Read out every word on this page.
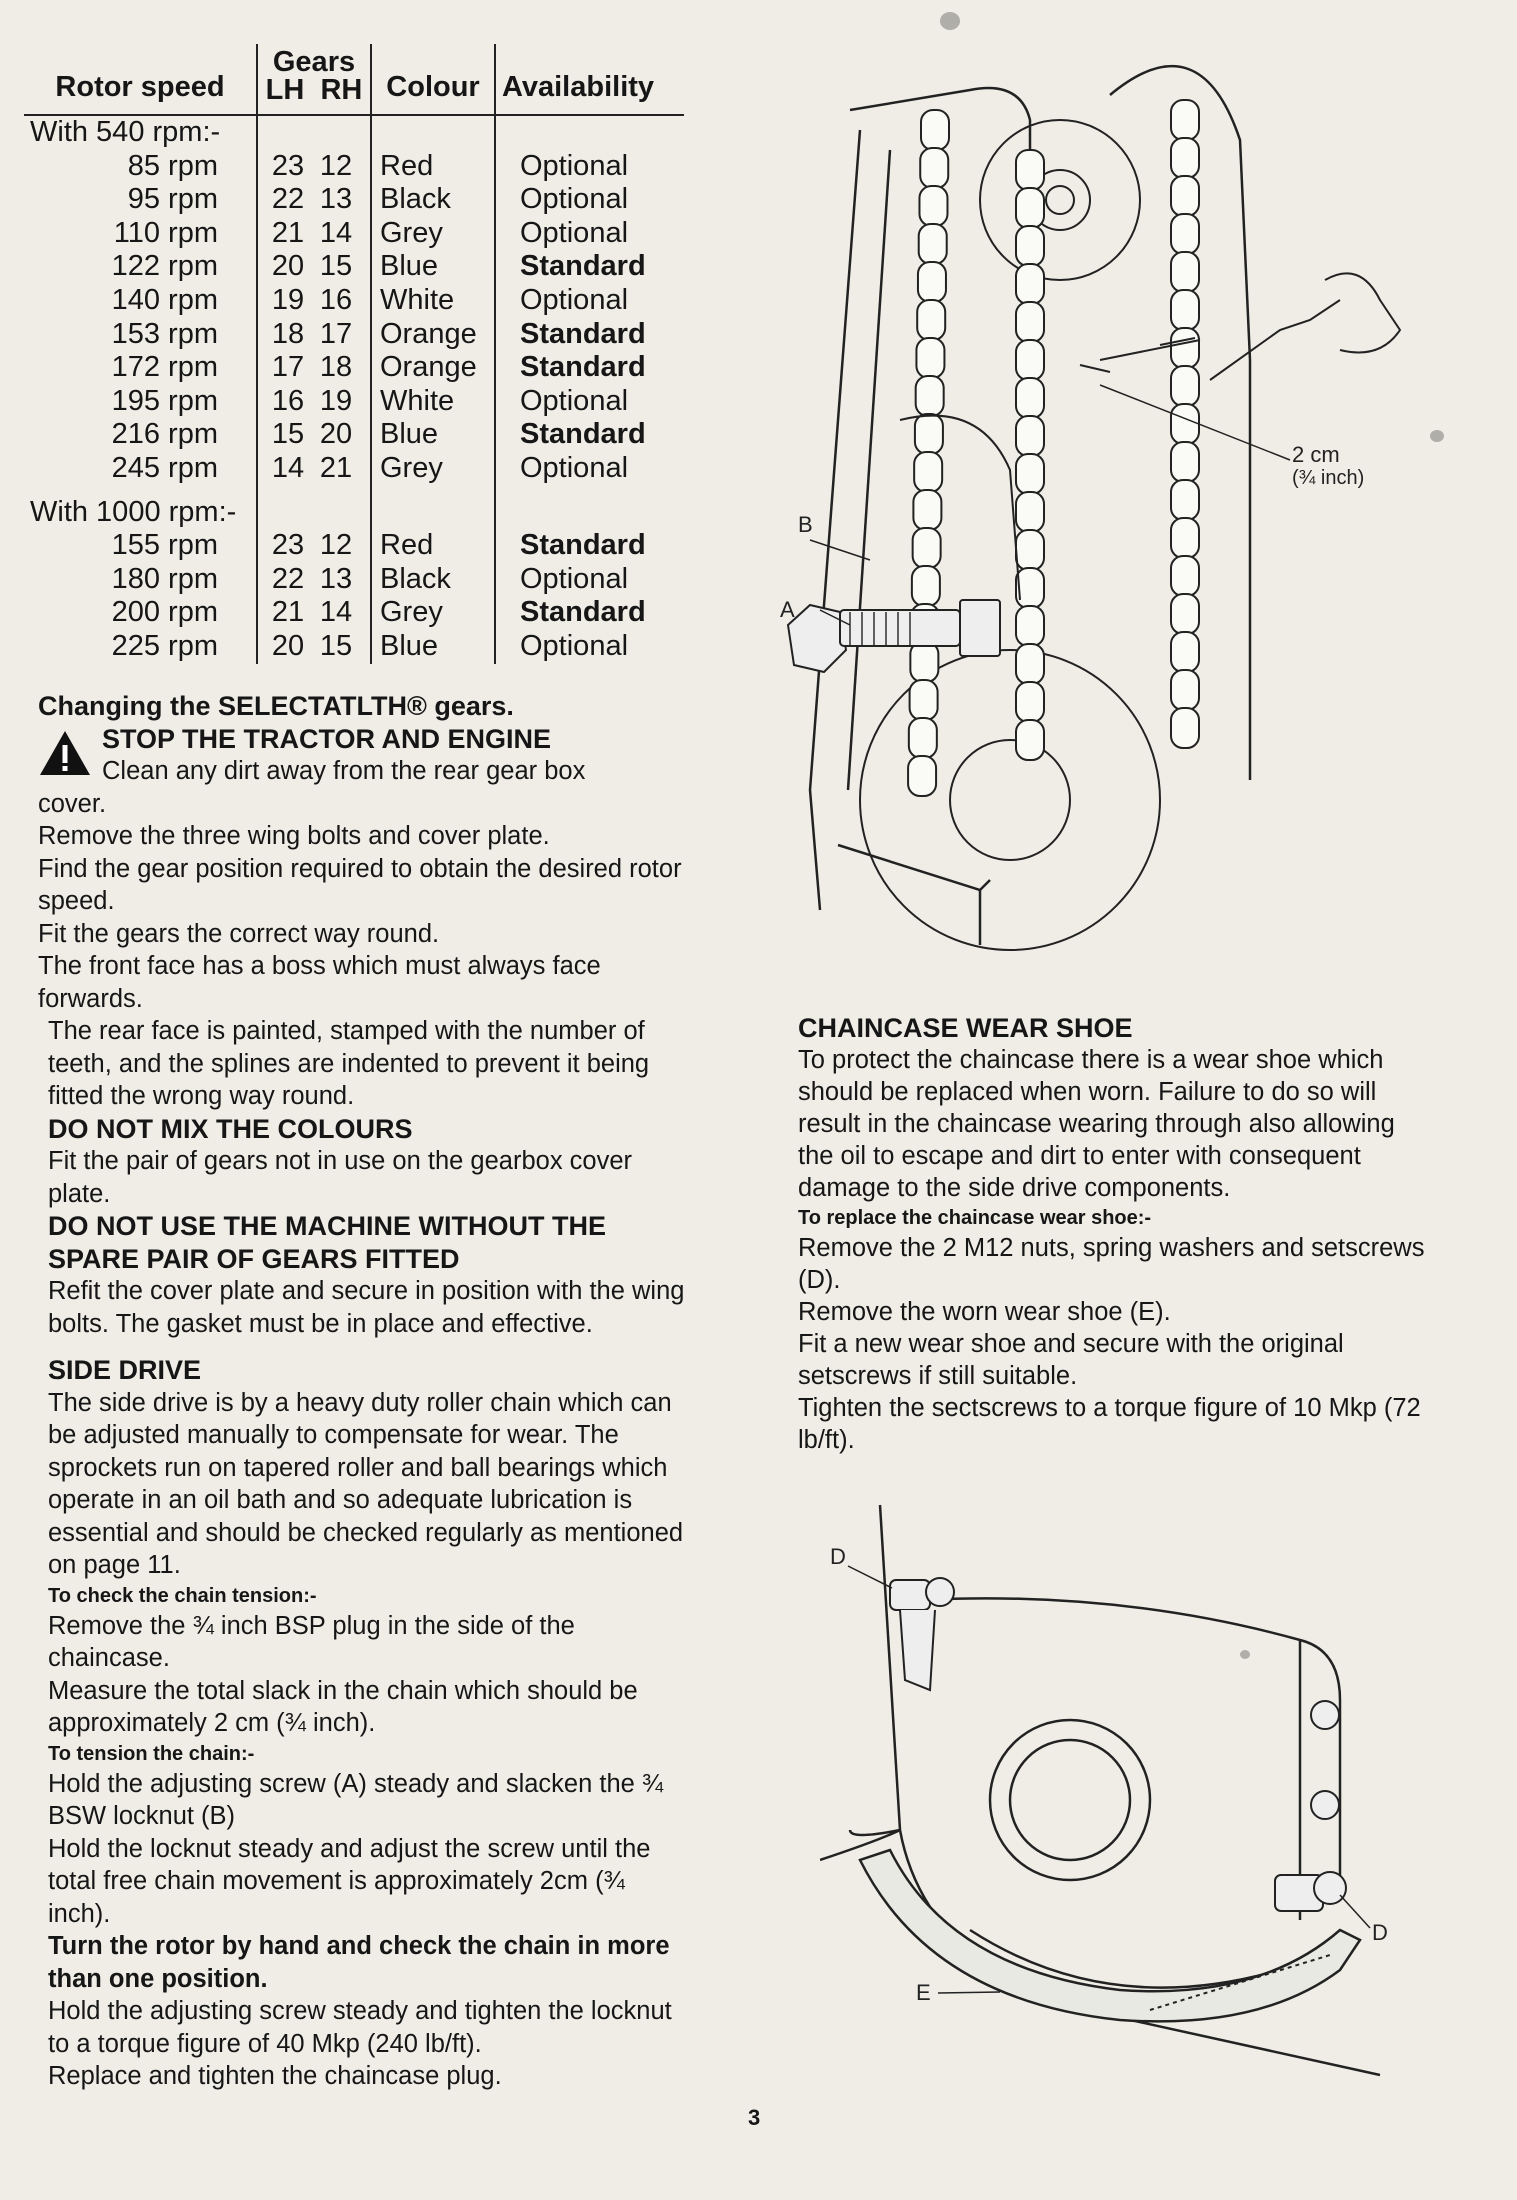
Rotor speed	Gears
LH RH	Colour	Availability
With 540 rpm:-			
85 rpm	23 12	Red	Optional
95 rpm	22 13	Black	Optional
110 rpm	21 14	Grey	Optional
122 rpm	20 15	Blue	Standard
140 rpm	19 16	White	Optional
153 rpm	18 17	Orange	Standard
172 rpm	17 18	Orange	Standard
195 rpm	16 19	White	Optional
216 rpm	15 20	Blue	Standard
245 rpm	14 21	Grey	Optional

With 1000 rpm:-			
155 rpm	23 12	Red	Standard
180 rpm	22 13	Black	Optional
200 rpm	21 14	Grey	Standard
225 rpm	20 15	Blue	Optional
B
A
2 cm
(¾ inch)

Changing the SELECTATLTH® gears.

STOP THE TRACTOR AND ENGINE

Clean any dirt away from the rear gear box

cover.

Remove the three wing bolts and cover plate.

Find the gear position required to obtain the desired rotor speed.

Fit the gears the correct way round.

The front face has a boss which must always face forwards.

The rear face is painted, stamped with the number of teeth, and the splines are indented to prevent it being fitted the wrong way round.

DO NOT MIX THE COLOURS

Fit the pair of gears not in use on the gearbox cover plate.

DO NOT USE THE MACHINE WITHOUT THE SPARE PAIR OF GEARS FITTED

Refit the cover plate and secure in position with the wing bolts. The gasket must be in place and effective.

SIDE DRIVE

The side drive is by a heavy duty roller chain which can be adjusted manually to compensate for wear. The sprockets run on tapered roller and ball bearings which operate in an oil bath and so adequate lubrication is essential and should be checked regularly as mentioned on page 11.

To check the chain tension:-

Remove the ¾ inch BSP plug in the side of the chaincase.

Measure the total slack in the chain which should be approximately 2 cm (¾ inch).

To tension the chain:-

Hold the adjusting screw (A) steady and slacken the ¾ BSW locknut (B)

Hold the locknut steady and adjust the screw until the total free chain movement is approximately 2cm (¾ inch).

Turn the rotor by hand and check the chain in more than one position.

Hold the adjusting screw steady and tighten the locknut to a torque figure of 40 Mkp (240 lb/ft).

Replace and tighten the chaincase plug.

CHAINCASE WEAR SHOE

To protect the chaincase there is a wear shoe which should be replaced when worn. Failure to do so will result in the chaincase wearing through also allowing the oil to escape and dirt to enter with consequent damage to the side drive components.

To replace the chaincase wear shoe:-

Remove the 2 M12 nuts, spring washers and setscrews (D).

Remove the worn wear shoe (E).

Fit a new wear shoe and secure with the original setscrews if still suitable.

Tighten the sectscrews to a torque figure of 10 Mkp (72 lb/ft).

D
D
E
3
